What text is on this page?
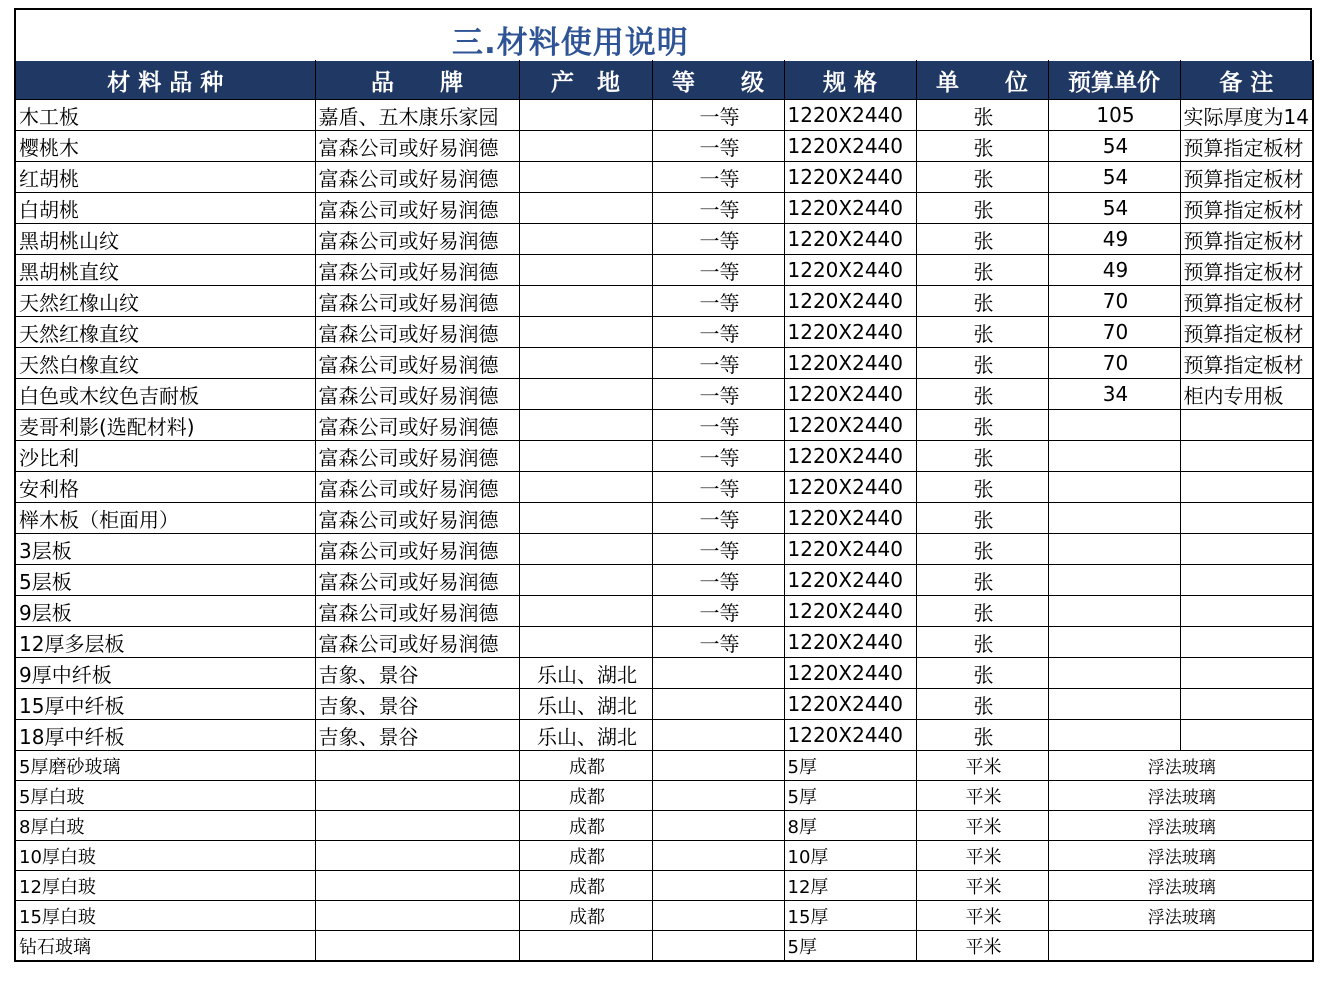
三.材料使用说明
材 料 品 种	品　　牌	产　地	等　　级	规 格	单　　位	预算单价	备 注
木工板	嘉盾、五木康乐家园		一等	1220X2440	张	105	实际厚度为14
樱桃木	富森公司或好易润德		一等	1220X2440	张	54	预算指定板材
红胡桃	富森公司或好易润德		一等	1220X2440	张	54	预算指定板材
白胡桃	富森公司或好易润德		一等	1220X2440	张	54	预算指定板材
黑胡桃山纹	富森公司或好易润德		一等	1220X2440	张	49	预算指定板材
黑胡桃直纹	富森公司或好易润德		一等	1220X2440	张	49	预算指定板材
天然红橡山纹	富森公司或好易润德		一等	1220X2440	张	70	预算指定板材
天然红橡直纹	富森公司或好易润德		一等	1220X2440	张	70	预算指定板材
天然白橡直纹	富森公司或好易润德		一等	1220X2440	张	70	预算指定板材
白色或木纹色吉耐板	富森公司或好易润德		一等	1220X2440	张	34	柜内专用板
麦哥利影(选配材料)	富森公司或好易润德		一等	1220X2440	张		
沙比利	富森公司或好易润德		一等	1220X2440	张		
安利格	富森公司或好易润德		一等	1220X2440	张		
榉木板（柜面用）	富森公司或好易润德		一等	1220X2440	张		
3层板	富森公司或好易润德		一等	1220X2440	张		
5层板	富森公司或好易润德		一等	1220X2440	张		
9层板	富森公司或好易润德		一等	1220X2440	张		
12厚多层板	富森公司或好易润德		一等	1220X2440	张		
9厚中纤板	吉象、景谷	乐山、湖北		1220X2440	张		
15厚中纤板	吉象、景谷	乐山、湖北		1220X2440	张		
18厚中纤板	吉象、景谷	乐山、湖北		1220X2440	张		
5厚磨砂玻璃		成都		5厚	平米	浮法玻璃	
5厚白玻		成都		5厚	平米	浮法玻璃	
8厚白玻		成都		8厚	平米	浮法玻璃	
10厚白玻		成都		10厚	平米	浮法玻璃	
12厚白玻		成都		12厚	平米	浮法玻璃	
15厚白玻		成都		15厚	平米	浮法玻璃	
钻石玻璃				5厚	平米		
